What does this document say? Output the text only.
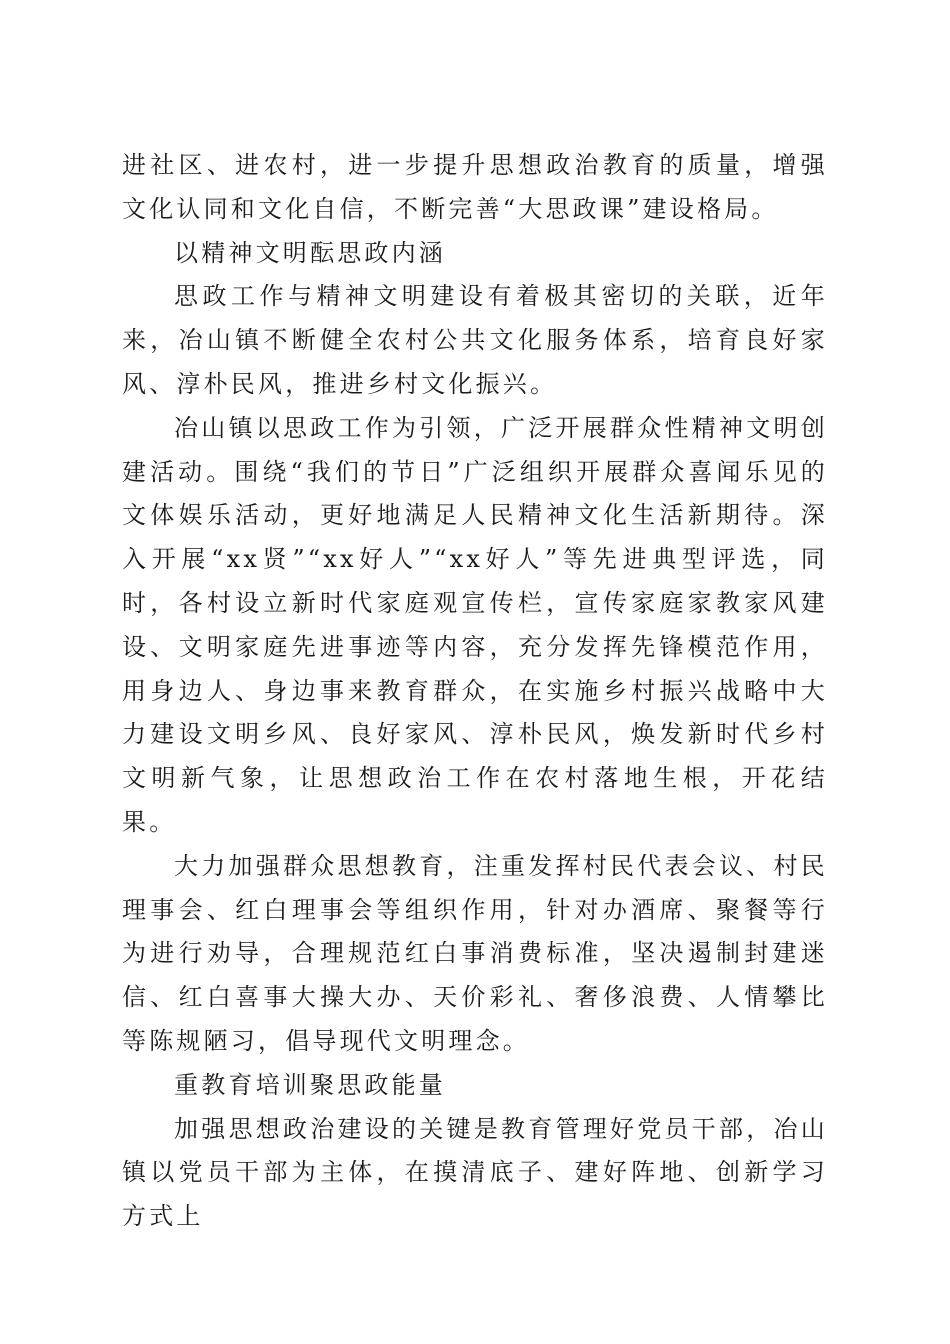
进社区、进农村，进一步提升思想政治教育的质量，增强文化认同和文化自信，不断完善“大思政课”建设格局。

以精神文明酝思政内涵

思政工作与精神文明建设有着极其密切的关联，近年来，冶山镇不断健全农村公共文化服务体系，培育良好家风、淳朴民风，推进乡村文化振兴。

冶山镇以思政工作为引领，广泛开展群众性精神文明创建活动。围绕“我们的节日”广泛组织开展群众喜闻乐见的文体娱乐活动，更好地满足人民精神文化生活新期待。深入开展“xx贤”“xx好人”“xx好人”等先进典型评选，同时，各村设立新时代家庭观宣传栏，宣传家庭家教家风建设、文明家庭先进事迹等内容，充分发挥先锋模范作用，用身边人、身边事来教育群众，在实施乡村振兴战略中大力建设文明乡风、良好家风、淳朴民风，焕发新时代乡村文明新气象，让思想政治工作在农村落地生根，开花结果。

大力加强群众思想教育，注重发挥村民代表会议、村民理事会、红白理事会等组织作用，针对办酒席、聚餐等行为进行劝导，合理规范红白事消费标准，坚决遏制封建迷信、红白喜事大操大办、天价彩礼、奢侈浪费、人情攀比等陈规陋习，倡导现代文明理念。

重教育培训聚思政能量

加强思想政治建设的关键是教育管理好党员干部，冶山镇以党员干部为主体，在摸清底子、建好阵地、创新学习方式上
